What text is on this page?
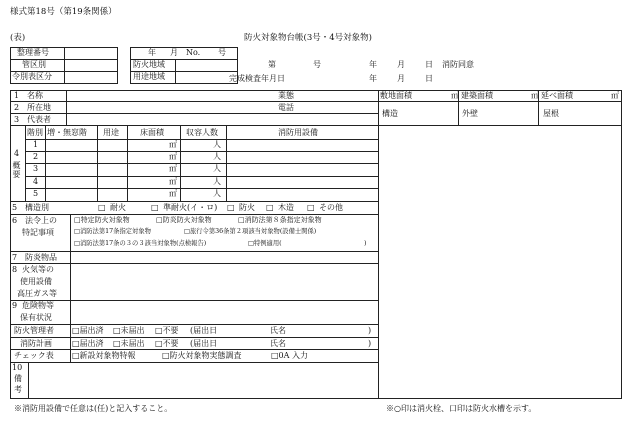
様式第18号（第19条関係）
(表)	防火対象物台帳(3号・4号対象物)
整理番号
管区別
令別表区分
年 月 No. 号
防火地域
用途地域	完成検査年月日
第	号	年	月	日 消防同意
年	月	日
1 名称	業態
2 所在地	電話
3 代表者
敷地面積	㎡ 建築面積	㎡ 延べ面積	㎡
構造	外壁	屋根
4
概要
階別 増・無窓階 用途	床面積	収容人数	消防用設備
1	㎡	人
2	㎡	人
3	㎡	人
4	㎡	人
5	㎡	人
5 構造別	□ 耐火	□ 準耐火(イ・ロ) □ 防火 □ 木造 □ その他
6 法令上の
特記事項
□特定防火対象物	□防炎防火対象物	□消防法第８条指定対象物
□消防法第17条指定対象物	□旅行令第36条第２項該当対象物(設備士関係)
□消防法第17条の３の３該当対象物(点検報告)	□特例適用(	)
7 防炎物品
8 火気等の
使用設備
高圧ガス等
9 危険物等
保有状況
防火管理者 □届出済 □未届出 □不要 (届出日	氏名	)
消防計画	□届出済 □未届出 □不要 (届出日	氏名	)
チェック表 □新設対象物特報	□防火対象物実態調査	□0A 入力
10
備
考
※消防用設備で任意は(任)と記入すること。	※○印は消火栓、口印は防火水槽を示す。
